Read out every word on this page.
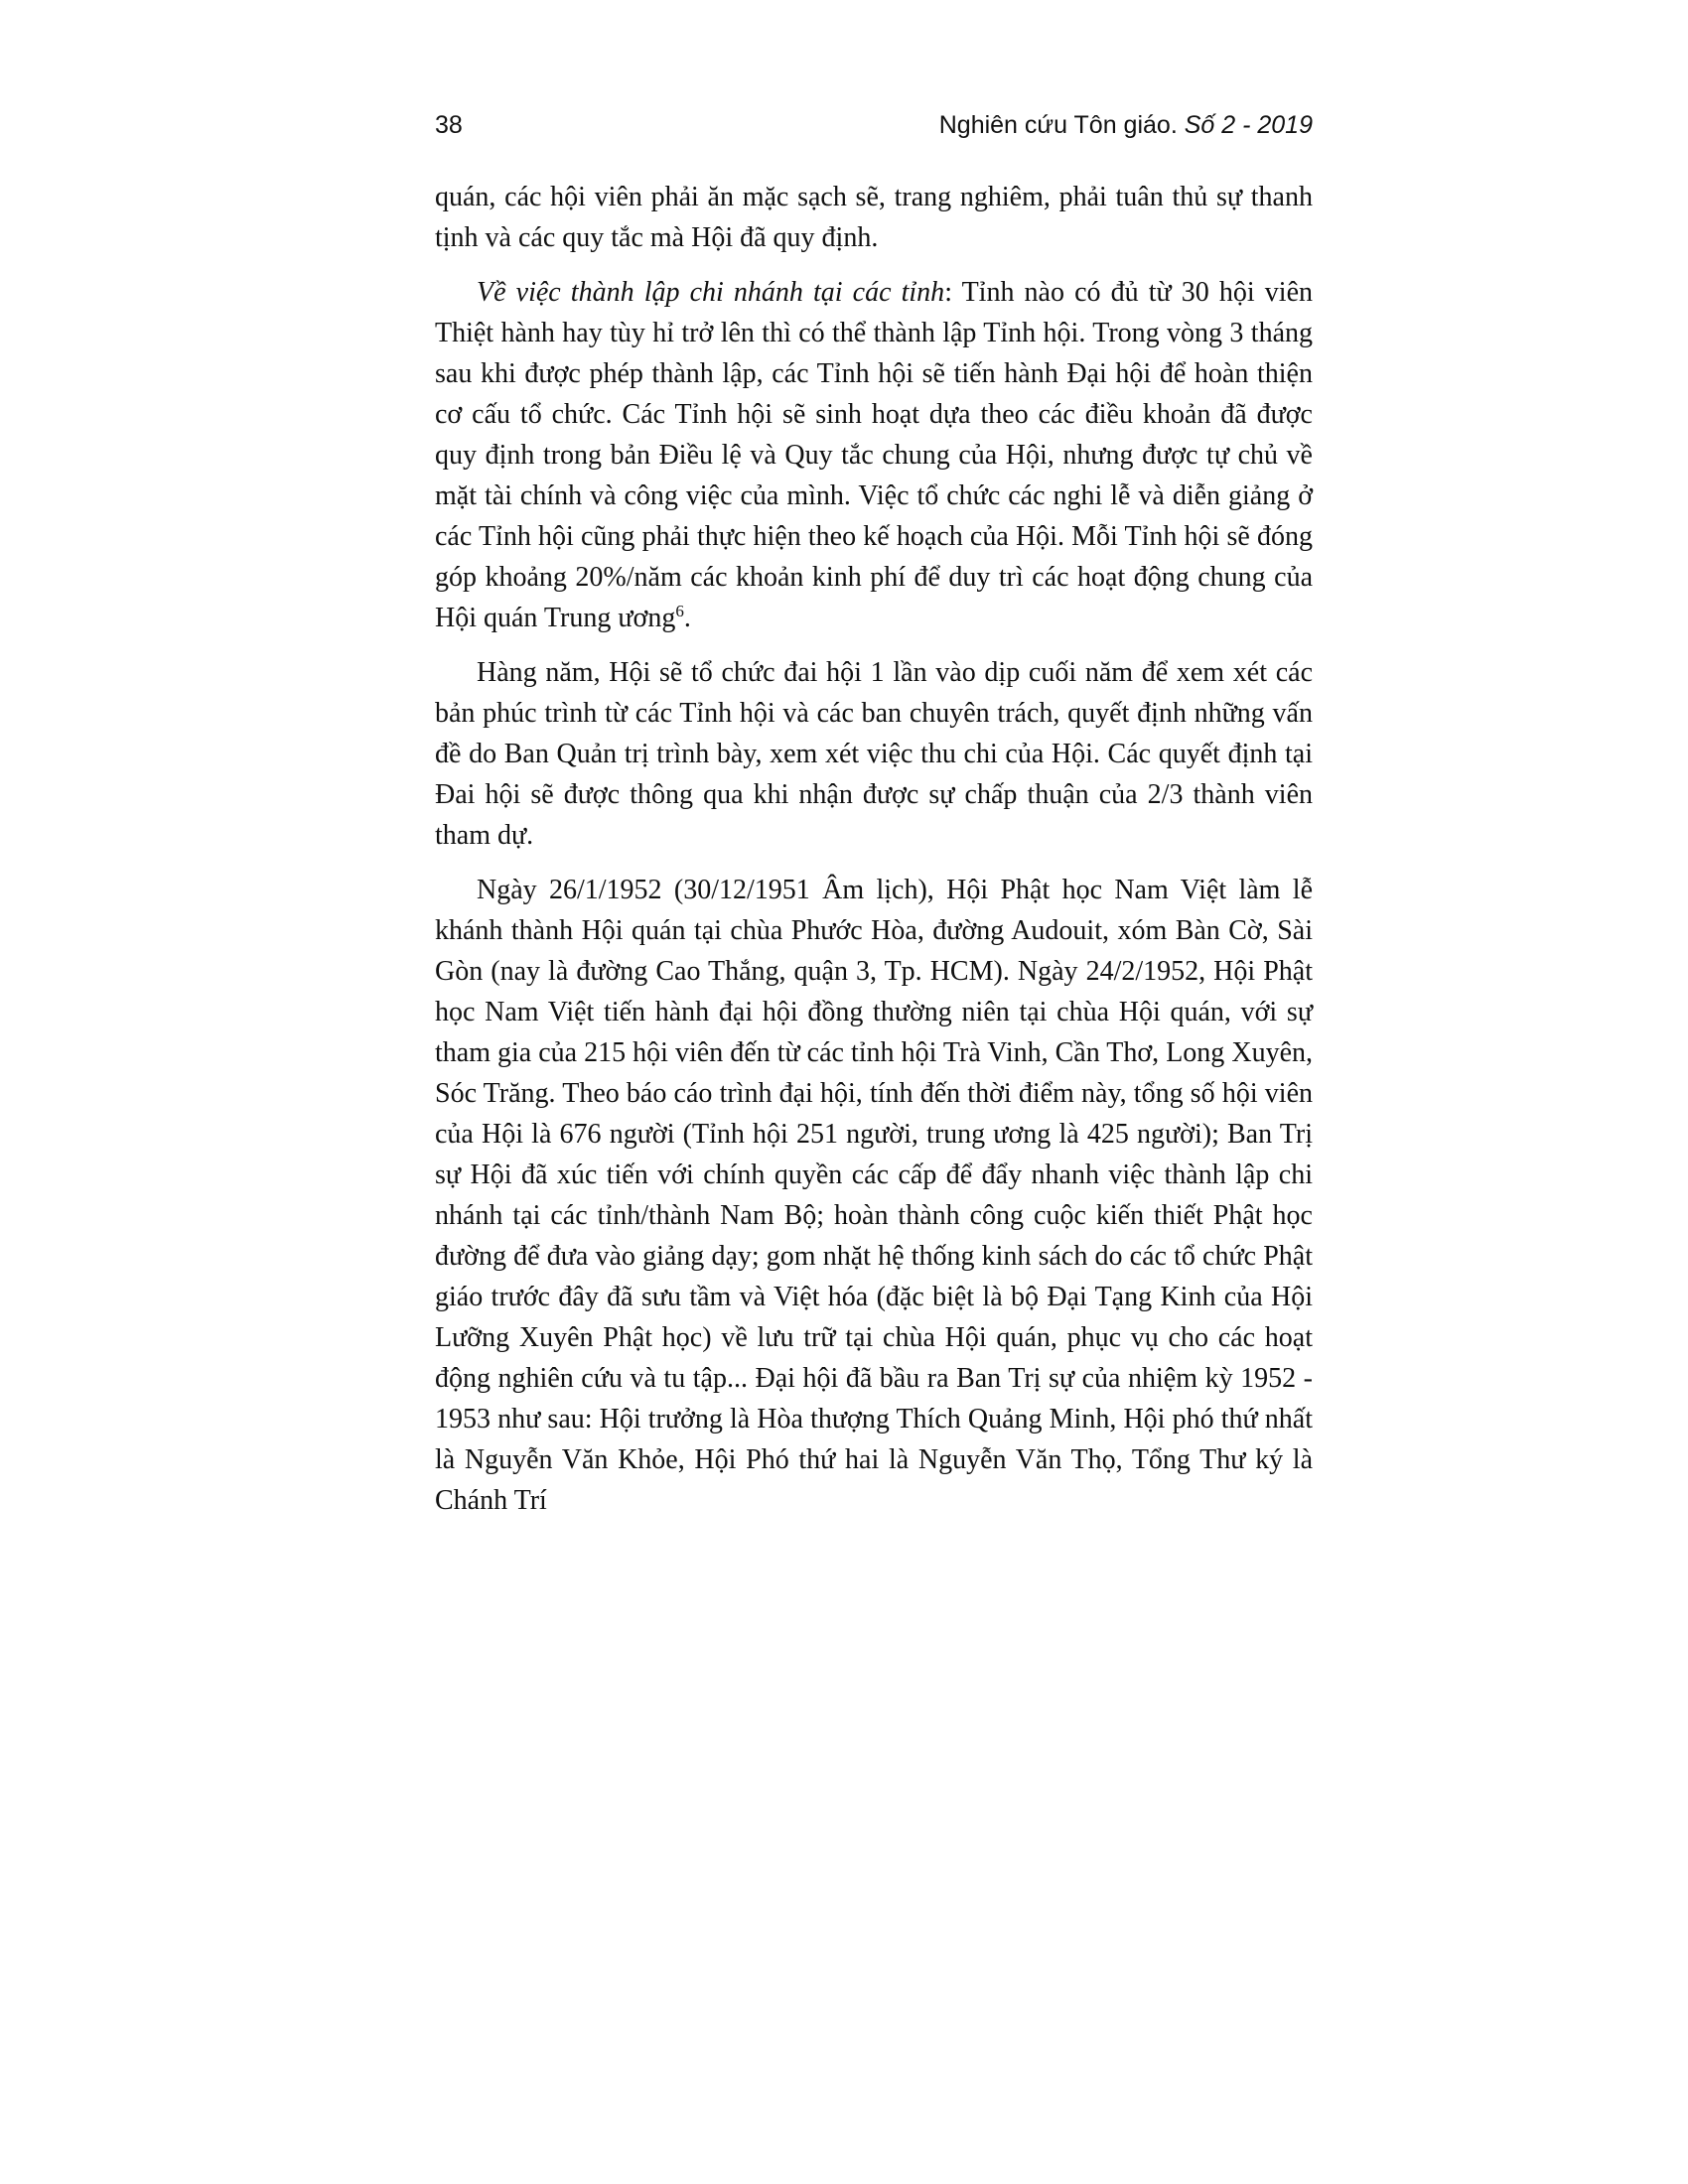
38	Nghiên cứu Tôn giáo. Số 2 - 2019

quán, các hội viên phải ăn mặc sạch sẽ, trang nghiêm, phải tuân thủ sự thanh tịnh và các quy tắc mà Hội đã quy định.

Về việc thành lập chi nhánh tại các tỉnh: Tỉnh nào có đủ từ 30 hội viên Thiệt hành hay tùy hỉ trở lên thì có thể thành lập Tỉnh hội. Trong vòng 3 tháng sau khi được phép thành lập, các Tỉnh hội sẽ tiến hành Đại hội để hoàn thiện cơ cấu tổ chức. Các Tỉnh hội sẽ sinh hoạt dựa theo các điều khoản đã được quy định trong bản Điều lệ và Quy tắc chung của Hội, nhưng được tự chủ về mặt tài chính và công việc của mình. Việc tổ chức các nghi lễ và diễn giảng ở các Tỉnh hội cũng phải thực hiện theo kế hoạch của Hội. Mỗi Tỉnh hội sẽ đóng góp khoảng 20%/năm các khoản kinh phí để duy trì các hoạt động chung của Hội quán Trung ương$^6$.

Hàng năm, Hội sẽ tổ chức đai hội 1 lần vào dịp cuối năm để xem xét các bản phúc trình từ các Tỉnh hội và các ban chuyên trách, quyết định những vấn đề do Ban Quản trị trình bày, xem xét việc thu chi của Hội. Các quyết định tại Đai hội sẽ được thông qua khi nhận được sự chấp thuận của 2/3 thành viên tham dự.

Ngày 26/1/1952 (30/12/1951 Âm lịch), Hội Phật học Nam Việt làm lễ khánh thành Hội quán tại chùa Phước Hòa, đường Audouit, xóm Bàn Cờ, Sài Gòn (nay là đường Cao Thắng, quận 3, Tp. HCM). Ngày 24/2/1952, Hội Phật học Nam Việt tiến hành đại hội đồng thường niên tại chùa Hội quán, với sự tham gia của 215 hội viên đến từ các tỉnh hội Trà Vinh, Cần Thơ, Long Xuyên, Sóc Trăng. Theo báo cáo trình đại hội, tính đến thời điểm này, tổng số hội viên của Hội là 676 người (Tỉnh hội 251 người, trung ương là 425 người); Ban Trị sự Hội đã xúc tiến với chính quyền các cấp để đẩy nhanh việc thành lập chi nhánh tại các tỉnh/thành Nam Bộ; hoàn thành công cuộc kiến thiết Phật học đường để đưa vào giảng dạy; gom nhặt hệ thống kinh sách do các tổ chức Phật giáo trước đây đã sưu tầm và Việt hóa (đặc biệt là bộ Đại Tạng Kinh của Hội Lưỡng Xuyên Phật học) về lưu trữ tại chùa Hội quán, phục vụ cho các hoạt động nghiên cứu và tu tập... Đại hội đã bầu ra Ban Trị sự của nhiệm kỳ 1952 - 1953 như sau: Hội trưởng là Hòa thượng Thích Quảng Minh, Hội phó thứ nhất là Nguyễn Văn Khỏe, Hội Phó thứ hai là Nguyễn Văn Thọ, Tổng Thư ký là Chánh Trí
